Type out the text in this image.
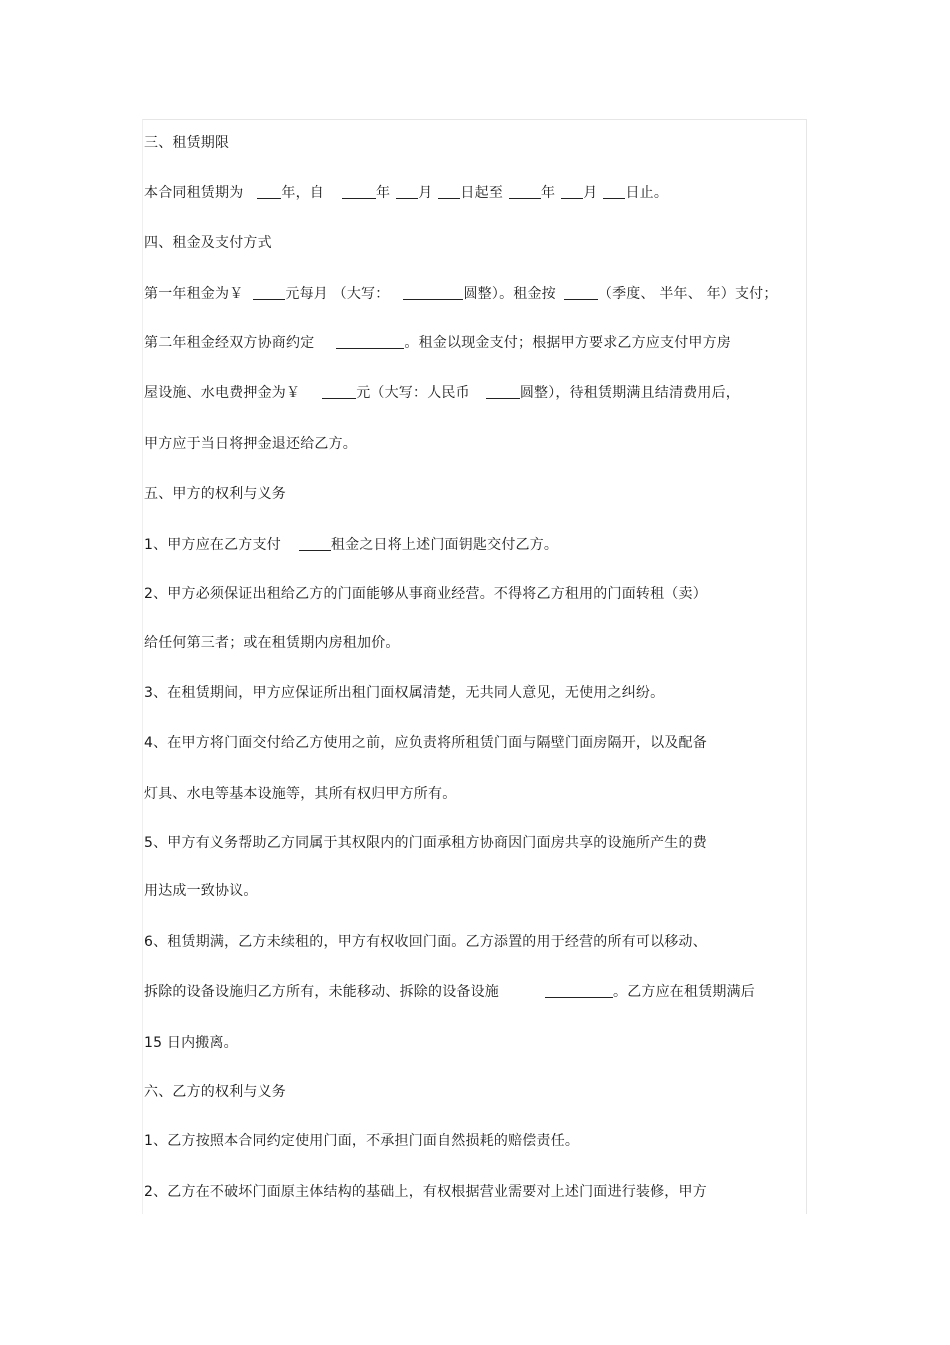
三、租赁期限
本合同租赁期为	年，自	年 月 日起至	年 月 日止。
四、租金及支付方式
第一年租金为￥	元每月 （大写：	圆整）。租金按	（季度、 半年、 年）支付；
第二年租金经双方协商约定	。租金以现金支付；根据甲方要求乙方应支付甲方房
屋设施、水电费押金为￥	元（大写：人民币	圆整），待租赁期满且结清费用后，
甲方应于当日将押金退还给乙方。
五、甲方的权利与义务
1、甲方应在乙方支付	租金之日将上述门面钥匙交付乙方。
2、甲方必须保证出租给乙方的门面能够从事商业经营。不得将乙方租用的门面转租（卖）
给任何第三者；或在租赁期内房租加价。
3、在租赁期间，甲方应保证所出租门面权属清楚，无共同人意见，无使用之纠纷。
4、在甲方将门面交付给乙方使用之前，应负责将所租赁门面与隔壁门面房隔开，以及配备
灯具、水电等基本设施等，其所有权归甲方所有。
5、甲方有义务帮助乙方同属于其权限内的门面承租方协商因门面房共享的设施所产生的费
用达成一致协议。
6、租赁期满，乙方未续租的，甲方有权收回门面。乙方添置的用于经营的所有可以移动、
拆除的设备设施归乙方所有，未能移动、拆除的设备设施	。乙方应在租赁期满后
15 日内搬离。
六、乙方的权利与义务
1、乙方按照本合同约定使用门面，不承担门面自然损耗的赔偿责任。
2、乙方在不破坏门面原主体结构的基础上，有权根据营业需要对上述门面进行装修，甲方
